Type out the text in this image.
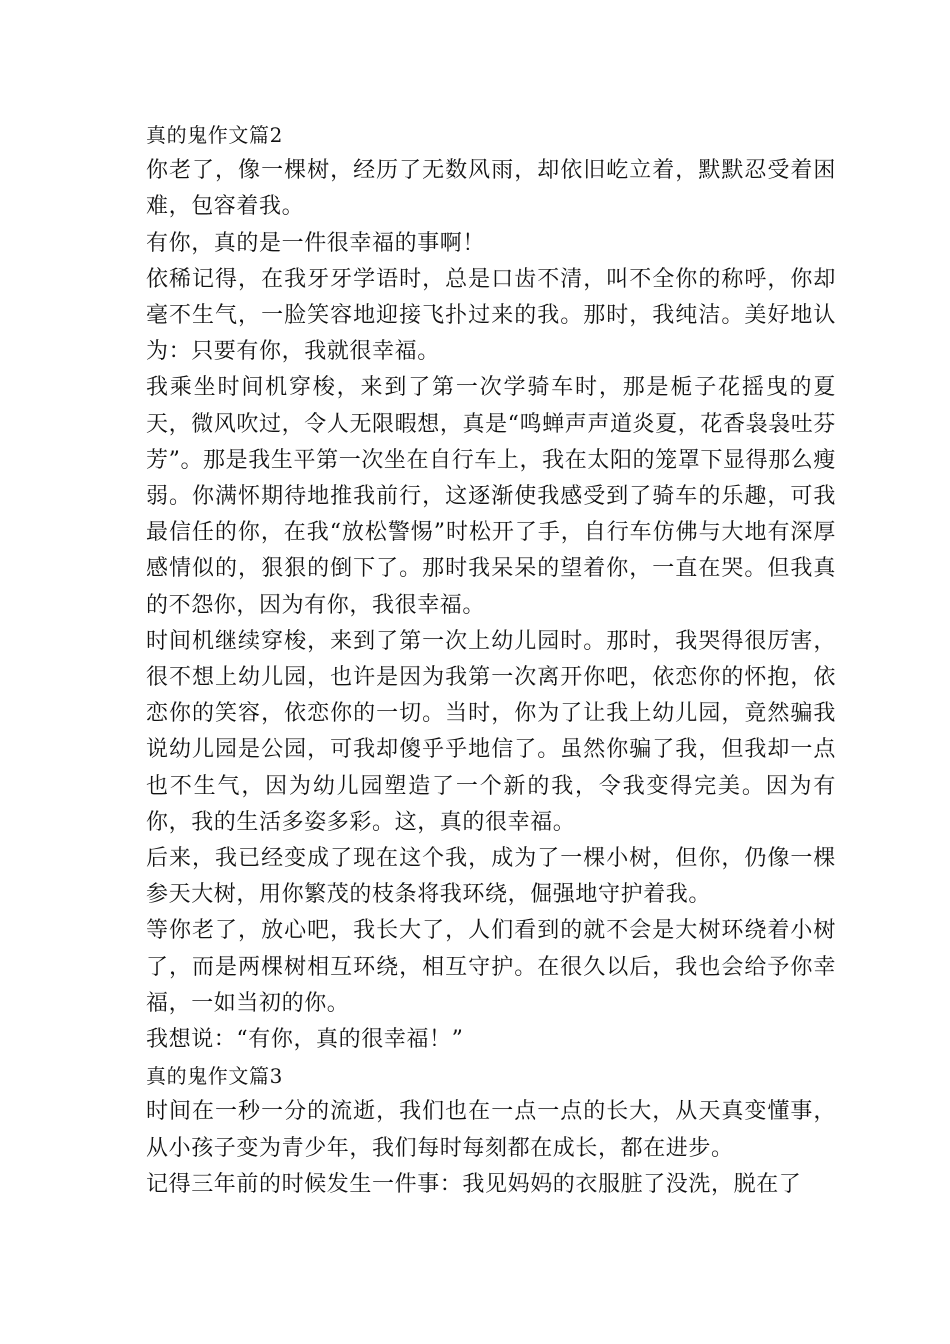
真的鬼作文篇2

你老了，像一棵树，经历了无数风雨，却依旧屹立着，默默忍受着困难，包容着我。

有你，真的是一件很幸福的事啊！

依稀记得，在我牙牙学语时，总是口齿不清，叫不全你的称呼，你却毫不生气，一脸笑容地迎接飞扑过来的我。那时，我纯洁。美好地认为：只要有你，我就很幸福。

我乘坐时间机穿梭，来到了第一次学骑车时，那是栀子花摇曳的夏天，微风吹过，令人无限暇想，真是“鸣蝉声声道炎夏，花香袅袅吐芬芳”。那是我生平第一次坐在自行车上，我在太阳的笼罩下显得那么瘦弱。你满怀期待地推我前行，这逐渐使我感受到了骑车的乐趣，可我最信任的你，在我“放松警惕”时松开了手，自行车仿佛与大地有深厚感情似的，狠狠的倒下了。那时我呆呆的望着你，一直在哭。但我真的不怨你，因为有你，我很幸福。

时间机继续穿梭，来到了第一次上幼儿园时。那时，我哭得很厉害，很不想上幼儿园，也许是因为我第一次离开你吧，依恋你的怀抱，依恋你的笑容，依恋你的一切。当时，你为了让我上幼儿园，竟然骗我说幼儿园是公园，可我却傻乎乎地信了。虽然你骗了我，但我却一点也不生气，因为幼儿园塑造了一个新的我，令我变得完美。因为有你，我的生活多姿多彩。这，真的很幸福。

后来，我已经变成了现在这个我，成为了一棵小树，但你，仍像一棵参天大树，用你繁茂的枝条将我环绕，倔强地守护着我。

等你老了，放心吧，我长大了，人们看到的就不会是大树环绕着小树了，而是两棵树相互环绕，相互守护。在很久以后，我也会给予你幸福，一如当初的你。

我想说：“有你，真的很幸福！”

真的鬼作文篇3

时间在一秒一分的流逝，我们也在一点一点的长大，从天真变懂事，从小孩子变为青少年，我们每时每刻都在成长，都在进步。

记得三年前的时候发生一件事：我见妈妈的衣服脏了没洗，脱在了
